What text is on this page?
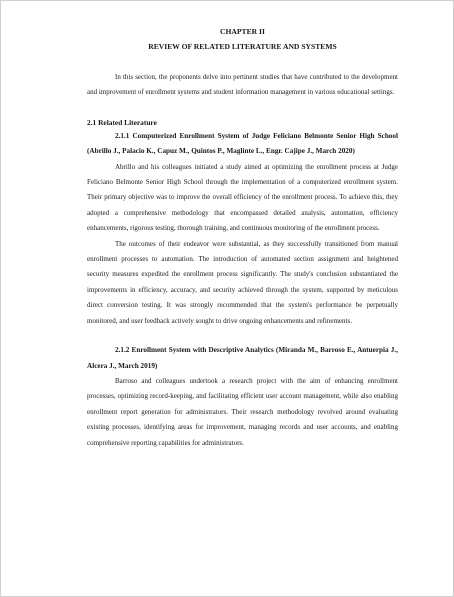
CHAPTER II
REVIEW OF RELATED LITERATURE AND SYSTEMS

In this section, the proponents delve into pertinent studies that have contributed to the development and improvement of enrollment systems and student information management in various educational settings.

2.1 Related Literature

2.1.1 Computerized Enrollment System of Judge Feliciano Belmonte Senior High School (Abrillo J., Palacio K., Capuz M., Quintos P., Maglinte L., Engr. Cajipe J., March 2020)

Abrillo and his colleagues initiated a study aimed at optimizing the enrollment process at Judge Feliciano Belmonte Senior High School through the implementation of a computerized enrollment system. Their primary objective was to improve the overall efficiency of the enrollment process. To achieve this, they adopted a comprehensive methodology that encompassed detailed analysis, automation, efficiency enhancements, rigorous testing, thorough training, and continuous monitoring of the enrollment process.

The outcomes of their endeavor were substantial, as they successfully transitioned from manual enrollment processes to automation. The introduction of automated section assignment and heightened security measures expedited the enrollment process significantly. The study's conclusion substantiated the improvements in efficiency, accuracy, and security achieved through the system, supported by meticulous direct conversion testing. It was strongly recommended that the system's performance be perpetually monitored, and user feedback actively sought to drive ongoing enhancements and refinements.

2.1.2 Enrollment System with Descriptive Analytics (Miranda M., Barroso E., Antuerpia J., Alcera J., March 2019)

Barroso and colleagues undertook a research project with the aim of enhancing enrollment processes, optimizing record-keeping, and facilitating efficient user account management, while also enabling enrollment report generation for administrators. Their research methodology revolved around evaluating existing processes, identifying areas for improvement, managing records and user accounts, and enabling comprehensive reporting capabilities for administrators.
